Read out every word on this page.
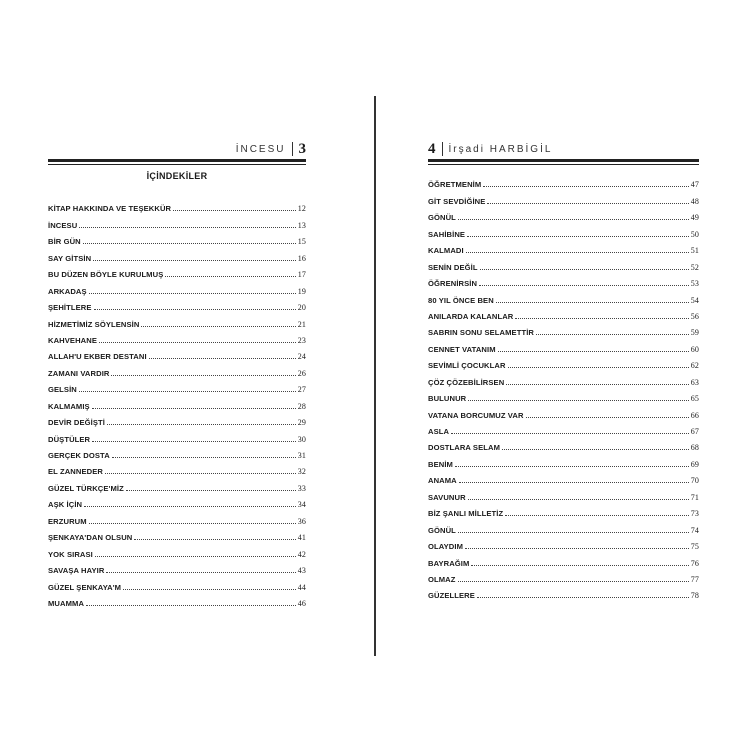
İNCESU 3
İÇİNDEKİLER
KİTAP HAKKINDA VE TEŞEKKÜR	12
İNCESU	13
BİR GÜN	15
SAY GİTSİN	16
BU DÜZEN BÖYLE KURULMUŞ	17
ARKADAŞ	19
ŞEHİTLERE	20
HİZMETİMİZ SÖYLENSİN	21
KAHVEHANE	23
ALLAH'U EKBER DESTANI	24
ZAMANI VARDIR	26
GELSİN	27
KALMAMIŞ	28
DEVİR DEĞİŞTİ	29
DÜŞTÜLER	30
GERÇEK DOSTA	31
EL ZANNEDER	32
GÜZEL TÜRKÇE'MİZ	33
AŞK İÇİN	34
ERZURUM	36
ŞENKAYA'DAN OLSUN	41
YOK SIRASI	42
SAVAŞA HAYIR	43
GÜZEL ŞENKAYA'M	44
MUAMMA	46
4 İrşadi HARBİGİL
ÖĞRETMENİM	47
GİT SEVDİĞİNE	48
GÖNÜL	49
SAHİBİNE	50
KALMADI	51
SENİN DEĞİL	52
ÖĞRENİRSİN	53
80 YIL ÖNCE BEN	54
ANILARDA KALANLAR	56
SABRIN SONU SELAMETTİR	59
CENNET VATANIM	60
SEVİMLİ ÇOCUKLAR	62
ÇÖZ ÇÖZEBİLİRSEN	63
BULUNUR	65
VATANA BORCUMUZ VAR	66
ASLA	67
DOSTLARA SELAM	68
BENİM	69
ANAMA	70
SAVUNUR	71
BİZ ŞANLI MİLLETİZ	73
GÖNÜL	74
OLAYDIM	75
BAYRAĞIM	76
OLMAZ	77
GÜZELLERE	78
